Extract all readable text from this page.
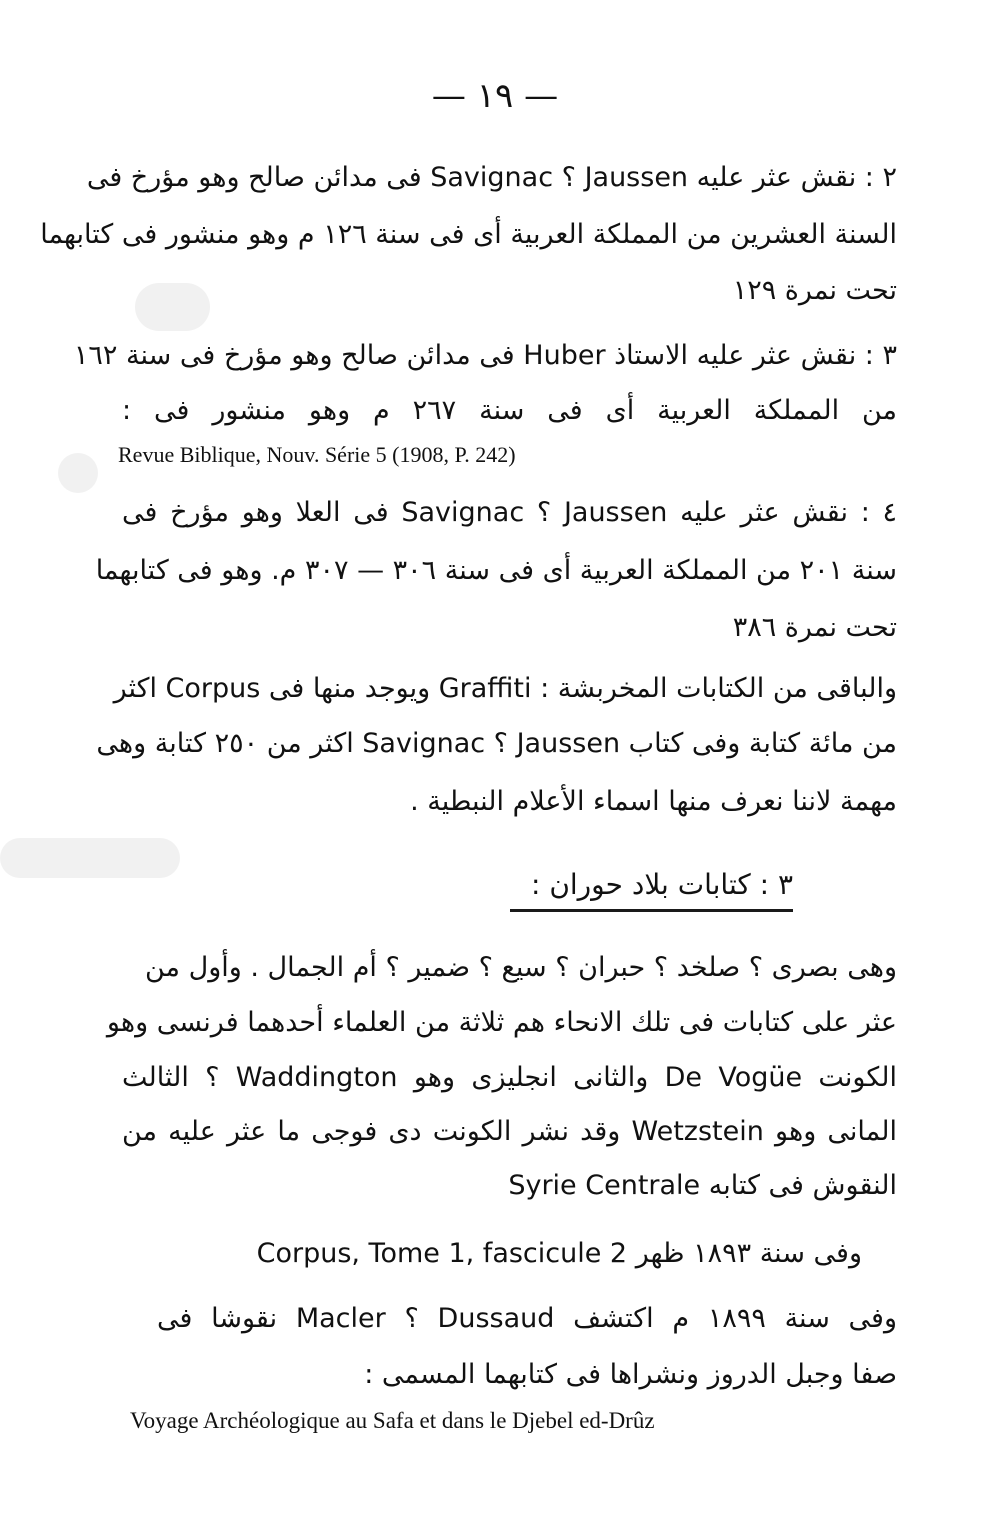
— ١٩ —
٢ : نقش عثر عليه Jaussen ؟ Savignac فى مدائن صالح وهو مؤرخ فى
السنة العشرين من المملكة العربية أى فى سنة ١٢٦ م وهو منشور فى كتابهما
تحت نمرة ١٢٩
٣ : نقش عثر عليه الاستاذ Huber فى مدائن صالح وهو مؤرخ فى سنة ١٦٢
من المملكة العربية أى فى سنة ٢٦٧ م وهو منشور فى :
Revue Biblique, Nouv. Série 5 (1908, P. 242)
٤ : نقش عثر عليه Jaussen ؟ Savignac فى العلا وهو مؤرخ فى
سنة ٢٠١ من المملكة العربية أى فى سنة ٣٠٦ — ٣٠٧ م. وهو فى كتابهما
تحت نمرة ٣٨٦
والباقى من الكتابات المخربشة : Graffiti ويوجد منها فى Corpus اكثر
من مائة كتابة وفى كتاب Jaussen ؟ Savignac اكثر من ٢٥٠ كتابة وهى
مهمة لاننا نعرف منها اسماء الأعلام النبطية .
٣ : كتابات بلاد حوران :
وهى بصرى ؟ صلخد ؟ حبران ؟ سيع ؟ ضمير ؟ أم الجمال . وأول من
عثر على كتابات فى تلك الانحاء هم ثلاثة من العلماء أحدهما فرنسى وهو
الكونت De Vogüe والثانى انجليزى وهو Waddington ؟ الثالث
المانى وهو Wetzstein وقد نشر الكونت دى فوجى ما عثر عليه من
النقوش فى كتابه Syrie Centrale
وفى سنة ١٨٩٣ ظهر Corpus, Tome 1, fascicule 2
وفى سنة ١٨٩٩ م اكتشف Dussaud ؟ Macler نقوشا فى
صفا وجبل الدروز ونشراها فى كتابهما المسمى :
Voyage Archéologique au Safa et dans le Djebel ed-Drûz
